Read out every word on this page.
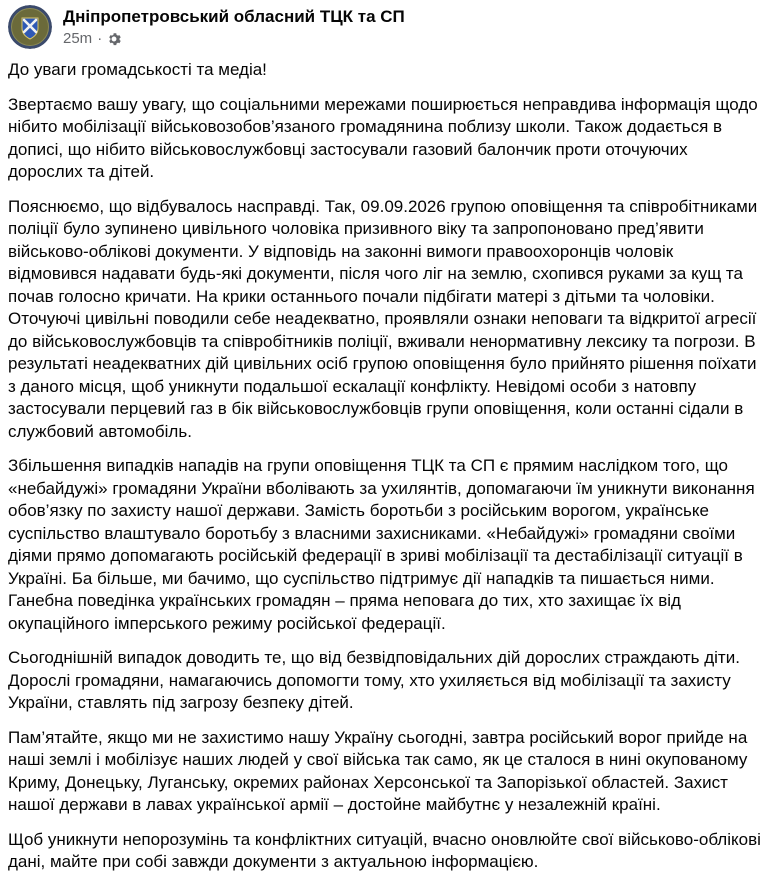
Дніпропетровський обласний ТЦК та СП
25m ·

До уваги громадськості та медіа!

Звертаємо вашу увагу, що соціальними мережами поширюється неправдива інформація щодо нібито мобілізації військовозобов’язаного громадянина поблизу школи. Також додається в дописі, що нібито військовослужбовці застосували газовий балончик проти оточуючих дорослих та дітей.

Пояснюємо, що відбувалось насправді. Так, 09.09.2026 групою оповіщення та співробітниками поліції було зупинено цивільного чоловіка призивного віку та запропоновано пред’явити військово-облікові документи. У відповідь на законні вимоги правоохоронців чоловік відмовився надавати будь-які документи, після чого ліг на землю, схопився руками за кущ та почав голосно кричати. На крики останнього почали підбігати матері з дітьми та чоловіки. Оточуючі цивільні поводили себе неадекватно, проявляли ознаки неповаги та відкритої агресії до військовослужбовців та співробітників поліції, вживали ненормативну лексику та погрози. В результаті неадекватних дій цивільних осіб групою оповіщення було прийнято рішення поїхати з даного місця, щоб уникнути подальшої ескалації конфлікту. Невідомі особи з натовпу застосували перцевий газ в бік військовослужбовців групи оповіщення, коли останні сідали в службовий автомобіль.

Збільшення випадків нападів на групи оповіщення ТЦК та СП є прямим наслідком того, що «небайдужі» громадяни України вболівають за ухилянтів, допомагаючи їм уникнути виконання обов’язку по захисту нашої держави. Замість боротьби з російським ворогом, українське суспільство влаштувало боротьбу з власними захисниками. «Небайдужі» громадяни своїми діями прямо допомагають російській федерації в зриві мобілізації та дестабілізації ситуації в Україні. Ба більше, ми бачимо, що суспільство підтримує дії нападків та пишається ними. Ганебна поведінка українських громадян – пряма неповага до тих, хто захищає їх від окупаційного імперського режиму російської федерації.

Сьогоднішній випадок доводить те, що від безвідповідальних дій дорослих страждають діти. Дорослі громадяни, намагаючись допомогти тому, хто ухиляється від мобілізації та захисту України, ставлять під загрозу безпеку дітей.

Пам’ятайте, якщо ми не захистимо нашу Україну сьогодні, завтра російський ворог прийде на наші землі і мобілізує наших людей у свої війська так само, як це сталося в нині окупованому Криму, Донецьку, Луганську, окремих районах Херсонської та Запорізької областей. Захист нашої держави в лавах української армії – достойне майбутнє у незалежній країні.

Щоб уникнути непорозумінь та конфліктних ситуацій, вчасно оновлюйте свої військово-облікові дані, майте при собі завжди документи з актуальною інформацією.
